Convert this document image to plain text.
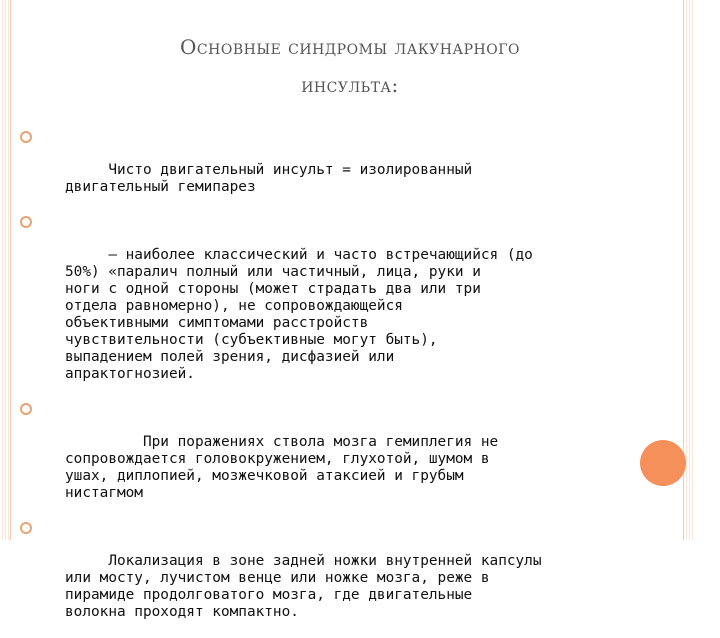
Основные синдромы лакунарного
инсульта:

Чисто двигательный инсульт = изолированный
двигательный гемипарез

– наиболее классический и часто встречающийся (до
50%) «паралич полный или частичный, лица, руки и
ноги с одной стороны (может страдать два или три
отдела равномерно), не сопровождающейся
объективными симптомами расстройств
чувствительности (субъективные могут быть),
выпадением полей зрения, дисфазией или
апрактогнозией.

При поражениях ствола мозга гемиплегия не
сопровождается головокружением, глухотой, шумом в
ушах, диплопией, мозжечковой атаксией и грубым
нистагмом

Локализация в зоне задней ножки внутренней капсулы
или мосту, лучистом венце или ножке мозга, реже в
пирамиде продолговатого мозга, где двигательные
волокна проходят компактно.
